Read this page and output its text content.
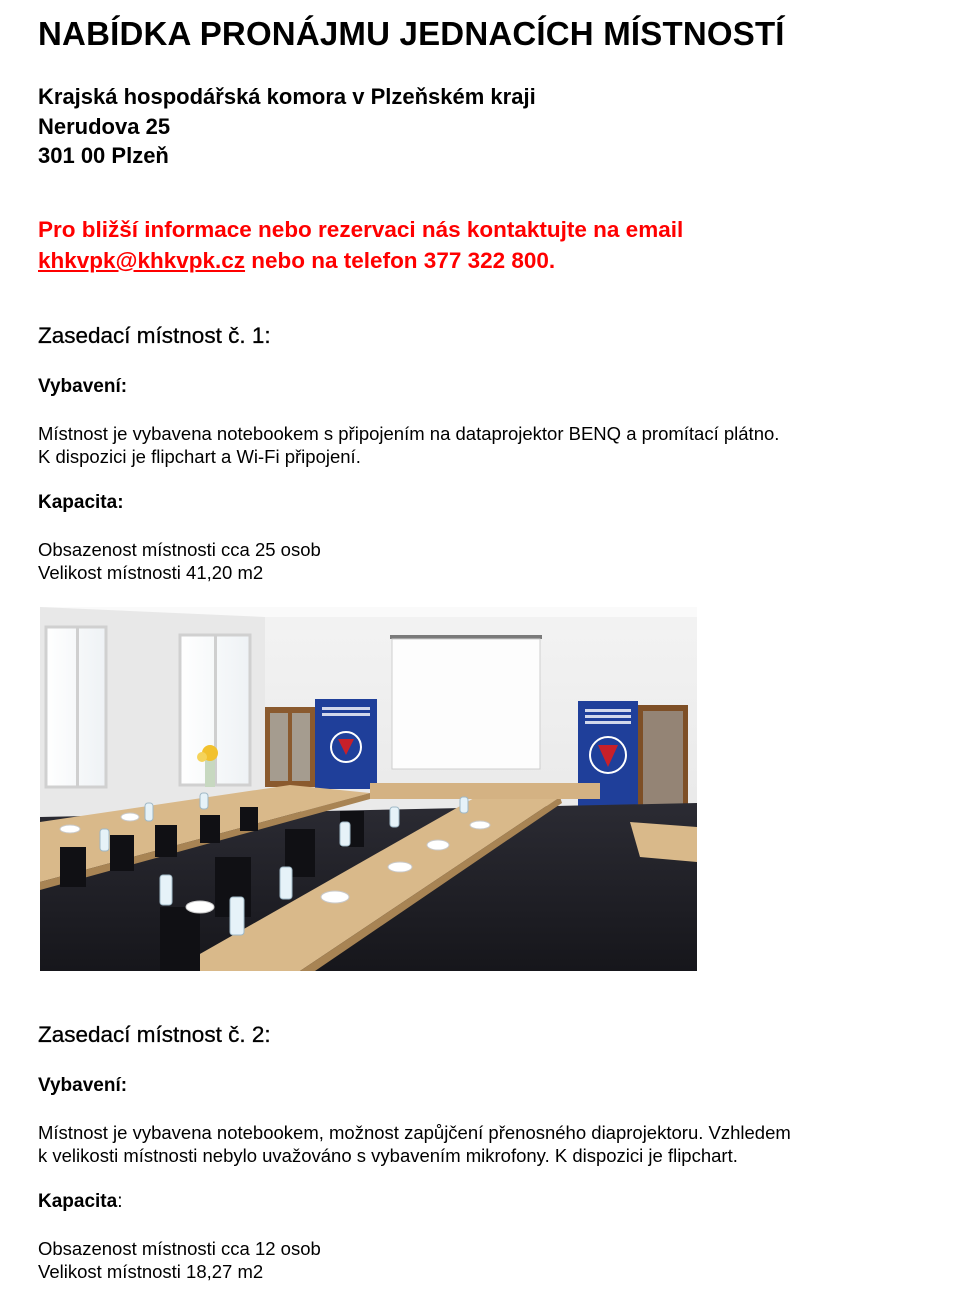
NABÍDKA PRONÁJMU JEDNACÍCH MÍSTNOSTÍ
Krajská hospodářská komora v Plzeňském kraji
Nerudova 25
301 00 Plzeň
Pro bližší informace nebo rezervaci nás kontaktujte na email
khkvpk@khkvpk.cz nebo na telefon 377 322 800.
Zasedací místnost č. 1:
Vybavení:
Místnost je vybavena notebookem s připojením na dataprojektor BENQ a promítací plátno.
K dispozici je flipchart a Wi-Fi připojení.
Kapacita:
Obsazenost místnosti cca 25 osob
Velikost místnosti 41,20 m2
Zasedací místnost č. 2:
Vybavení:
Místnost je vybavena notebookem, možnost zapůjčení přenosného diaprojektoru. Vzhledem
k velikosti místnosti nebylo uvažováno s vybavením mikrofony. K dispozici je flipchart.
Kapacita:
Obsazenost místnosti cca 12 osob
Velikost místnosti 18,27 m2
